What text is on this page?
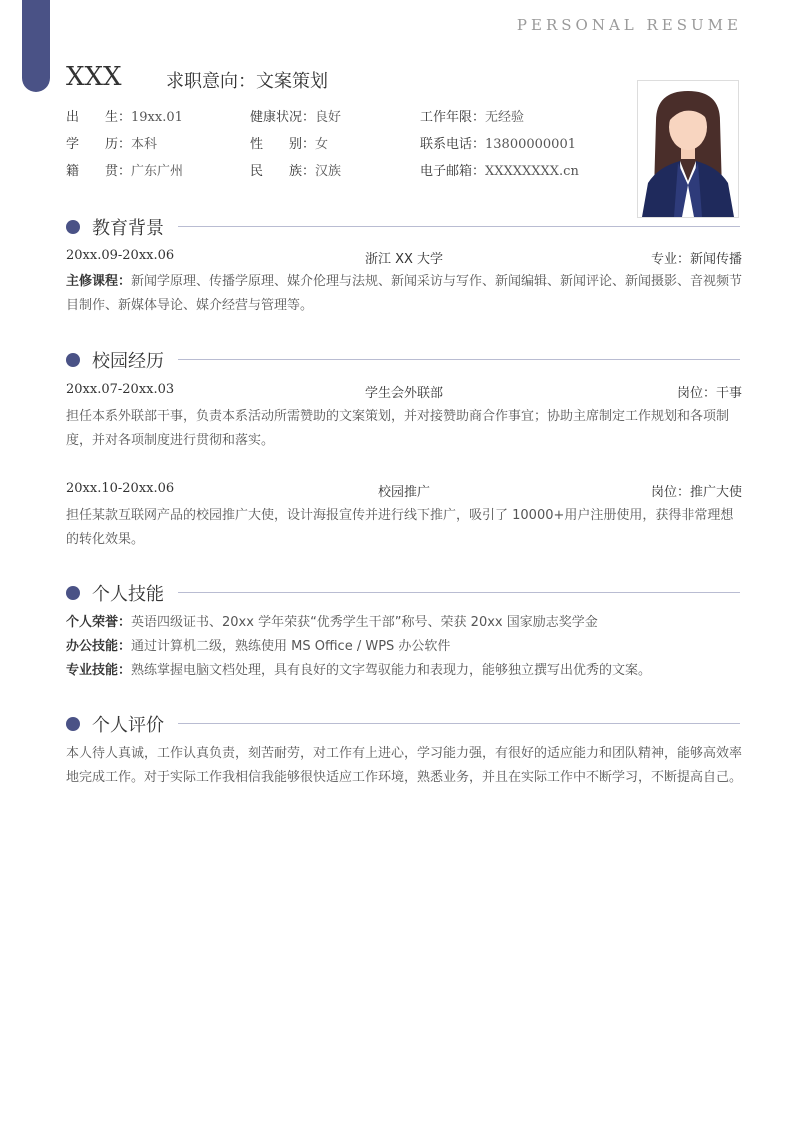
PERSONAL RESUME
XXX 求职意向：文案策划
出　　生：19xx.01	健康状况：良好	工作年限：无经验
学　　历：本科	性　　别：女	联系电话：13800000001
籍　　贯：广东广州	民　　族：汉族	电子邮箱：XXXXXXXX.cn
教育背景
20xx.09-20xx.06	浙江 XX 大学	专业：新闻传播
主修课程：新闻学原理、传播学原理、媒介伦理与法规、新闻采访与写作、新闻编辑、新闻评论、新闻摄影、音视频节目制作、新媒体导论、媒介经营与管理等。
校园经历
20xx.07-20xx.03	学生会外联部	岗位：干事
担任本系外联部干事，负责本系活动所需赞助的文案策划，并对接赞助商合作事宜；协助主席制定工作规划和各项制度，并对各项制度进行贯彻和落实。
20xx.10-20xx.06	校园推广	岗位：推广大使
担任某款互联网产品的校园推广大使，设计海报宣传并进行线下推广，吸引了 10000+用户注册使用，获得非常理想的转化效果。
个人技能
个人荣誉：英语四级证书、20xx 学年荣获“优秀学生干部”称号、荣获 20xx 国家励志奖学金
办公技能：通过计算机二级，熟练使用 MS Office / WPS 办公软件
专业技能：熟练掌握电脑文档处理，具有良好的文字驾驭能力和表现力，能够独立撰写出优秀的文案。
个人评价
本人待人真诚，工作认真负责，刻苦耐劳，对工作有上进心，学习能力强，有很好的适应能力和团队精神，能够高效率地完成工作。对于实际工作我相信我能够很快适应工作环境，熟悉业务，并且在实际工作中不断学习，不断提高自己。
